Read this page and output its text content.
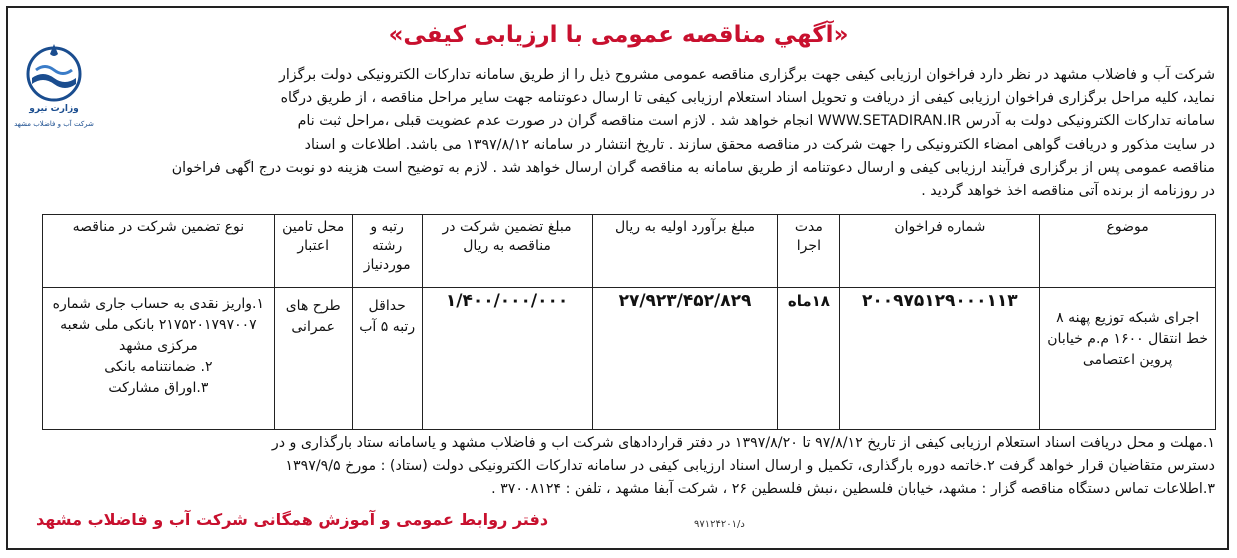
«آگهي مناقصه عمومی با ارزیابی کیفی»
وزارت نیرو
شرکت آب و فاضلاب مشهد

شرکت آب و فاضلاب مشهد در نظر دارد فراخوان ارزیابی کیفی جهت برگزاری مناقصه عمومی مشروح ذیل را از طریق سامانه تدارکات الکترونیکی دولت برگزار

نماید، کلیه مراحل برگزاری فراخوان ارزیابی کیفی از دریافت و تحویل اسناد استعلام ارزیابی کیفی تا ارسال دعوتنامه جهت سایر مراحل مناقصه ، از طریق درگاه

سامانه تدارکات الکترونیکی دولت به آدرس WWW.SETADIRAN.IR انجام خواهد شد . لازم است مناقصه گران در صورت عدم عضویت قبلی ،مراحل ثبت نام

در سایت مذکور و دریافت گواهی امضاء الکترونیکی را جهت شرکت در مناقصه محقق سازند . تاریخ انتشار در سامانه ۱۳۹۷/۸/۱۲ می باشد. اطلاعات و اسناد

مناقصه عمومی پس از برگزاری فرآیند ارزیابی کیفی و ارسال دعوتنامه از طریق سامانه به مناقصه گران ارسال خواهد شد . لازم به توضیح است هزینه دو نوبت درج اگهی فراخوان

در روزنامه از برنده آتی مناقصه اخذ خواهد گردید .

موضوع	شماره فراخوان	مدت اجرا	مبلغ برآورد اولیه به ریال	مبلغ تضمین شرکت در مناقصه به ریال	رتبه و رشته موردنیاز	محل تامین اعتبار	نوع تضمین شرکت در مناقصه
اجرای شبکه توزیع پهنه ۸ خط انتقال ۱۶۰۰ م.م خیابان پروین اعتصامی	۲۰۰۹۷۵۱۲۹۰۰۰۱۱۳	۱۸ماه	۲۷/۹۲۳/۴۵۲/۸۲۹	۱/۴۰۰/۰۰۰/۰۰۰	حداقل رتبه ۵ آب	طرح های عمرانی	۱.واریز نقدی به حساب جاری شماره ۲۱۷۵۲۰۱۷۹۷۰۰۷ بانکی ملی شعبه مرکزی مشهد
۲. ضمانتنامه بانکی
۳.اوراق مشارکت

۱.مهلت و محل دریافت اسناد استعلام ارزیابی کیفی از تاریخ ۹۷/۸/۱۲ تا ۱۳۹۷/۸/۲۰ در دفتر قراردادهای شرکت اب و فاضلاب مشهد و یاسامانه ستاد بارگذاری و در

دسترس متقاضیان قرار خواهد گرفت ۲.خاتمه دوره بارگذاری، تکمیل و ارسال اسناد ارزیابی کیفی در سامانه تدارکات الکترونیکی دولت (ستاد) : مورخ ۱۳۹۷/۹/۵

۳.اطلاعات تماس دستگاه مناقصه گزار : مشهد، خیابان فلسطین ،نبش فلسطین ۲۶ ، شرکت آبفا مشهد ، تلفن : ۳۷۰۰۸۱۲۴ .

دفتر روابط عمومی و آموزش همگانی شرکت آب و فاضلاب مشهد	د/۹۷۱۲۴۲۰۱
